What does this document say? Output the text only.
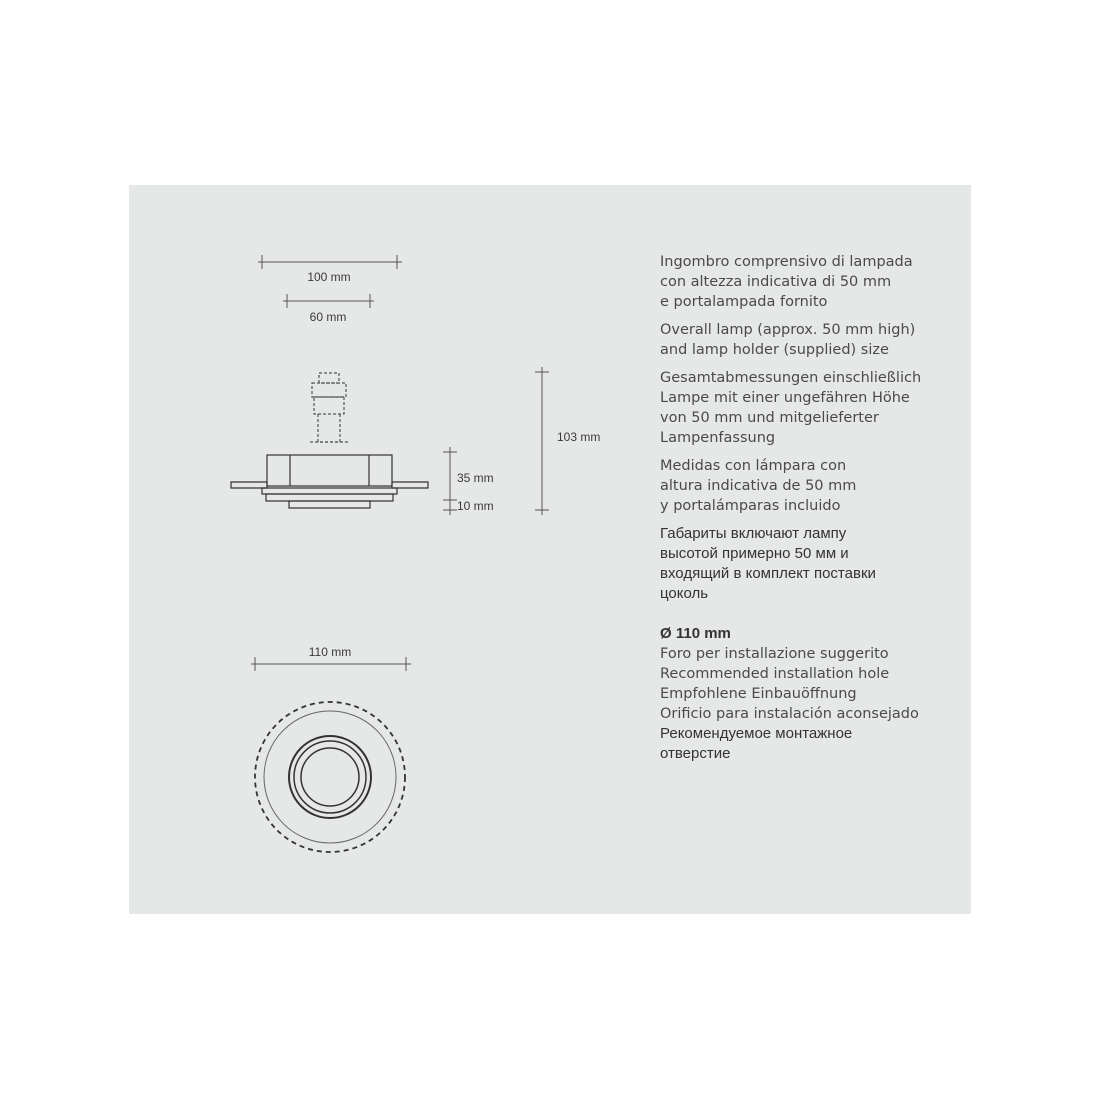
100 mm
60 mm
103 mm
35 mm
10 mm
110 mm

Ingombro comprensivo di lampada
con altezza indicativa di 50 mm
e portalampada fornito

Overall lamp (approx. 50 mm high)
and lamp holder (supplied) size

Gesamtabmessungen einschließlich
Lampe mit einer ungefähren Höhe
von 50 mm und mitgelieferter
Lampenfassung

Medidas con lámpara con
altura indicativa de 50 mm
y portalámparas incluido

Габариты включают лампу
высотой примерно 50 мм и
входящий в комплект поставки
цоколь

Ø 110 mm
Foro per installazione suggerito
Recommended installation hole
Empfohlene Einbauöffnung
Orificio para instalación aconsejado
Рекомендуемое монтажное
отверстие
